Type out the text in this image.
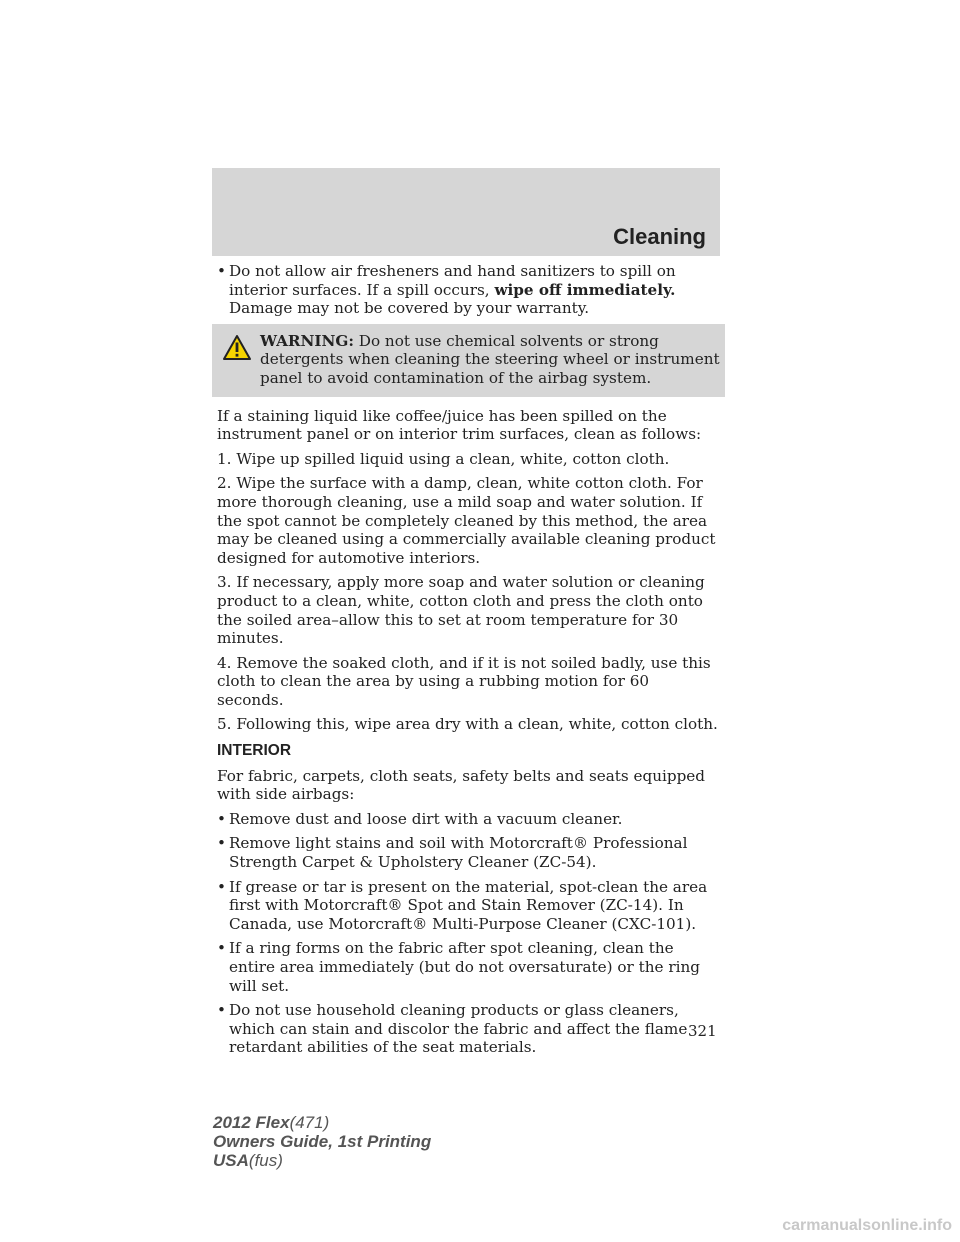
Cleaning
• Do not allow air fresheners and hand sanitizers to spill on interior surfaces. If a spill occurs, wipe off immediately. Damage may not be covered by your warranty.
WARNING: Do not use chemical solvents or strong detergents when cleaning the steering wheel or instrument panel to avoid contamination of the airbag system.

If a staining liquid like coffee/juice has been spilled on the instrument panel or on interior trim surfaces, clean as follows:

1. Wipe up spilled liquid using a clean, white, cotton cloth.

2. Wipe the surface with a damp, clean, white cotton cloth. For more thorough cleaning, use a mild soap and water solution. If the spot cannot be completely cleaned by this method, the area may be cleaned using a commercially available cleaning product designed for automotive interiors.

3. If necessary, apply more soap and water solution or cleaning product to a clean, white, cotton cloth and press the cloth onto the soiled area–allow this to set at room temperature for 30 minutes.

4. Remove the soaked cloth, and if it is not soiled badly, use this cloth to clean the area by using a rubbing motion for 60 seconds.

5. Following this, wipe area dry with a clean, white, cotton cloth.

INTERIOR

For fabric, carpets, cloth seats, safety belts and seats equipped with side airbags:

• Remove dust and loose dirt with a vacuum cleaner.
• Remove light stains and soil with Motorcraft® Professional Strength Carpet & Upholstery Cleaner (ZC-54).
• If grease or tar is present on the material, spot-clean the area first with Motorcraft® Spot and Stain Remover (ZC-14). In Canada, use Motorcraft® Multi-Purpose Cleaner (CXC-101).
• If a ring forms on the fabric after spot cleaning, clean the entire area immediately (but do not oversaturate) or the ring will set.
• Do not use household cleaning products or glass cleaners, which can stain and discolor the fabric and affect the flame retardant abilities of the seat materials.
321
2012 Flex(471)
Owners Guide, 1st Printing
USA(fus)
carmanualsonline.info
